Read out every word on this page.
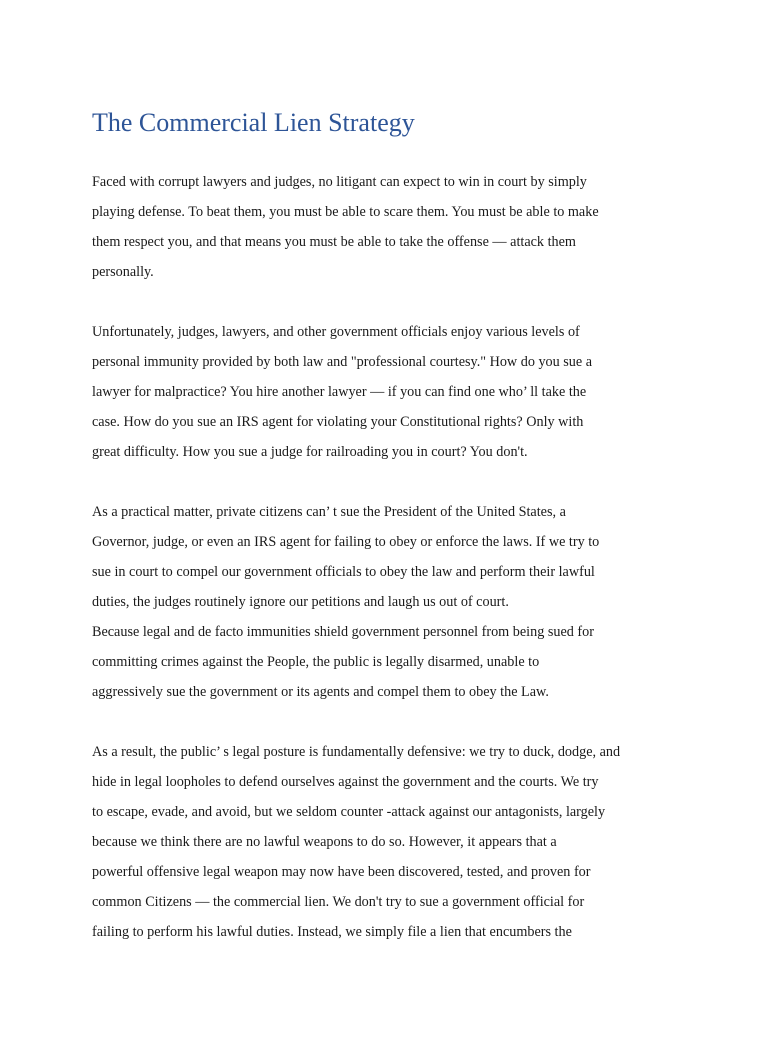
The Commercial Lien Strategy
Faced with corrupt lawyers and judges, no litigant can expect to win in court by simply
playing defense. To beat them, you must be able to scare them. You must be able to make
them respect you, and that means you must be able to take the offense — attack them
personally.
Unfortunately, judges, lawyers, and other government officials enjoy various levels of
personal immunity provided by both law and "professional courtesy." How do you sue a
lawyer for malpractice? You hire another lawyer — if you can find one who’ ll take the
case. How do you sue an IRS agent for violating your Constitutional rights? Only with
great difficulty. How you sue a judge for railroading you in court? You don't.
As a practical matter, private citizens can’ t sue the President of the United States, a
Governor, judge, or even an IRS agent for failing to obey or enforce the laws. If we try to
sue in court to compel our government officials to obey the law and perform their lawful
duties, the judges routinely ignore our petitions and laugh us out of court.
Because legal and de facto immunities shield government personnel from being sued for
committing crimes against the People, the public is legally disarmed, unable to
aggressively sue the government or its agents and compel them to obey the Law.
As a result, the public’ s legal posture is fundamentally defensive: we try to duck, dodge, and
hide in legal loopholes to defend ourselves against the government and the courts. We try
to escape, evade, and avoid, but we seldom counter -attack against our antagonists, largely
because we think there are no lawful weapons to do so. However, it appears that a
powerful offensive legal weapon may now have been discovered, tested, and proven for
common Citizens — the commercial lien. We don't try to sue a government official for
failing to perform his lawful duties. Instead, we simply file a lien that encumbers the
